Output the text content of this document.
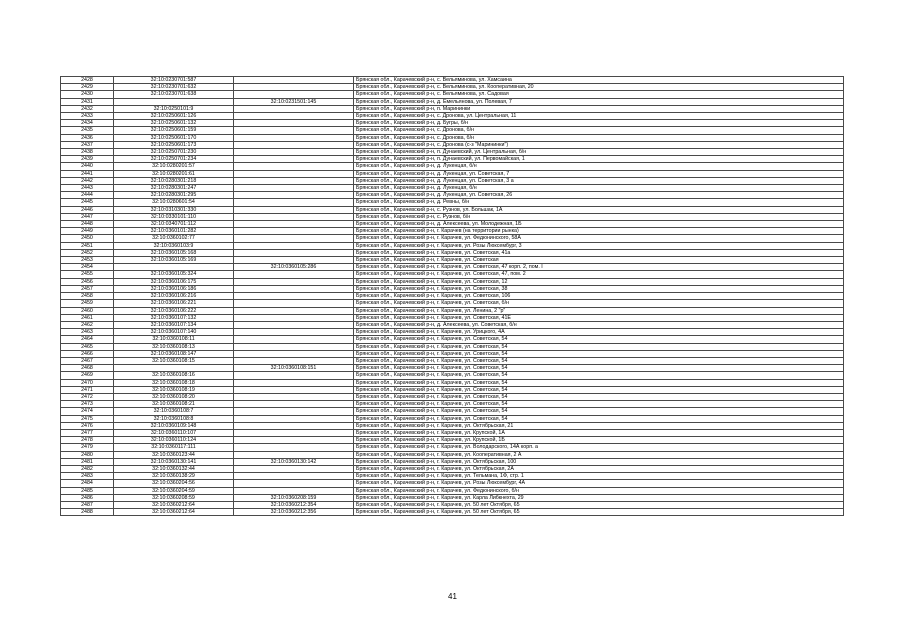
2428	32:10:0230701:587		Брянская обл., Карачевский р-н, с. Вельяминова, ул. Хамсаина
2429	32:10:0230701:632		Брянская обл., Карачевский р-н, с. Вельяминова, ул. Кооперативная, 20
2430	32:10:0230701:638		Брянская обл., Карачевский р-н, с. Вельяминова, ул. Садовая
2431		32:10:0231501:145	Брянская обл., Карачевский р-н, д. Емельянова, ул. Полевая, 7
2432	32:10:0250101:9		Брянская обл., Карачевский р-н, п. Марининки
2433	32:10:0250601:126		Брянская обл., Карачевский р-н, с. Дронова, ул. Центральная, 11
2434	32:10:0250601:132		Брянская обл., Карачевский р-н, д. Бугры, б/н
2435	32:10:0250601:159		Брянская обл., Карачевский р-н, с. Дронова, б/н
2436	32:10:0250601:170		Брянская обл., Карачевский р-н, с. Дронова, б/н
2437	32:10:0250601:173		Брянская обл., Карачевский р-н, с. Дронова (с-з "Марининки")
2438	32:10:0250701:230		Брянская обл., Карачевский р-н, п. Дунаевский, ул. Центральная, б/н
2439	32:10:0250701:234		Брянская обл., Карачевский р-н, п. Дунаевский, ул. Первомайская, 1
2440	32:10:0280201:57		Брянская обл., Карачевский р-н, д. Лукенцая, б/н
2441	32:10:0280201:61		Брянская обл., Карачевский р-н, д. Лукенцая, ул. Советская, 7
2442	32:10:0280301:218		Брянская обл., Карачевский р-н, д. Лукенцая, ул. Советская, 3 а
2443	32:10:0280301:247		Брянская обл., Карачевский р-н, д. Лукенцая, б/н
2444	32:10:0280301:295		Брянская обл., Карачевский р-н, д. Лукенцая, ул. Советская, 26
2445	32:10:0280601:54		Брянская обл., Карачевский р-н, д. Ревны, б/н
2446	32:10:0310301:330		Брянская обл., Карачевский р-н, с. Рузнов, ул. Большак, 1А
2447	32:10:0330101:110		Брянская обл., Карачевский р-н, с. Рузнов, б/н
2448	32:10:0340701:112		Брянская обл., Карачевский р-н, д. Алексеева, ул. Молодежная, 1Б
2449	32:10:0360101:282		Брянская обл., Карачевский р-н, г. Карачев (на территории рынка)
2450	32:10:0360102:77		Брянская обл., Карачевский р-н, г. Карачев, ул. Федюнинского, 58А
2451	32:10:0360103:9		Брянская обл., Карачевский р-н, г. Карачев, ул. Розы Люксембург, 3
2452	32:10:0360105:168		Брянская обл., Карачевский р-н, г. Карачев, ул. Советская, 41а
2453	32:10:0360105:169		Брянская обл., Карачевский р-н, г. Карачев, ул. Советская
2454		32:10:0360105:286	Брянская обл., Карачевский р-н, г. Карачев, ул. Советская, 47 корп. 2, пом. I
2455	32:10:0360105:324		Брянская обл., Карачевский р-н, г. Карачев, ул. Советская, 47, пом. 2
2456	32:10:0360106:175		Брянская обл., Карачевский р-н, г. Карачев, ул. Советская, 12
2457	32:10:0360106:186		Брянская обл., Карачевский р-н, г. Карачев, ул. Советская, 38
2458	32:10:0360106:216		Брянская обл., Карачевский р-н, г. Карачев, ул. Советская, 106
2459	32:10:0360106:221		Брянская обл., Карачевский р-н, г. Карачев, ул. Советская, б/н
2460	32:10:0360106:222		Брянская обл., Карачевский р-н, г. Карачев, ул. Ленина, 2 "р"
2461	32:10:0360107:132		Брянская обл., Карачевский р-н, г. Карачев, ул. Советская, 41Е
2462	32:10:0360107:134		Брянская обл., Карачевский р-н, д. Алексеева, ул. Советская, б/н
2463	32:10:0360107:140		Брянская обл., Карачевский р-н, г. Карачев, ул. Урицкого, 4А
2464	32:10:0360108:11		Брянская обл., Карачевский р-н, г. Карачев, ул. Советская, 54
2465	32:10:0360108:13		Брянская обл., Карачевский р-н, г. Карачев, ул. Советская, 54
2466	32:10:0360108:147		Брянская обл., Карачевский р-н, г. Карачев, ул. Советская, 54
2467	32:10:0360108:15		Брянская обл., Карачевский р-н, г. Карачев, ул. Советская, 54
2468		32:10:0360108:151	Брянская обл., Карачевский р-н, г. Карачев, ул. Советская, 54
2469	32:10:0360108:16		Брянская обл., Карачевский р-н, г. Карачев, ул. Советская, 54
2470	32:10:0360108:18		Брянская обл., Карачевский р-н, г. Карачев, ул. Советская, 54
2471	32:10:0360108:19		Брянская обл., Карачевский р-н, г. Карачев, ул. Советская, 54
2472	32:10:0360108:20		Брянская обл., Карачевский р-н, г. Карачев, ул. Советская, 54
2473	32:10:0360108:21		Брянская обл., Карачевский р-н, г. Карачев, ул. Советская, 54
2474	32:10:0360108:7		Брянская обл., Карачевский р-н, г. Карачев, ул. Советская, 54
2475	32:10:0360108:8		Брянская обл., Карачевский р-н, г. Карачев, ул. Советская, 54
2476	32:10:0360109:148		Брянская обл., Карачевский р-н, г. Карачев, ул. Октябрьская, 21
2477	32:10:0360110:107		Брянская обл., Карачевский р-н, г. Карачев, ул. Крупской, 1А
2478	32:10:0360110:124		Брянская обл., Карачевский р-н, г. Карачев, ул. Крупской, 1Б
2479	32:10:0360117:111		Брянская обл., Карачевский р-н, г. Карачев, ул. Володарского, 14А корп. а
2480	32:10:0360123:44		Брянская обл., Карачевский р-н, г. Карачев, ул. Кооперативная, 2 А
2481	32:10:0360130:141	32:10:0360130:142	Брянская обл., Карачевский р-н, г. Карачев, ул. Октябрьская, 100
2482	32:10:0360132:44		Брянская обл., Карачевский р-н, г. Карачев, ул. Октябрьская, 2А
2483	32:10:0360138:29		Брянская обл., Карачевский р-н, г. Карачев, ул. Тельмана, 1Ф, стр. 1
2484	32:10:0360204:56		Брянская обл., Карачевский р-н, г. Карачев, ул. Розы Люксембург, 4А
2485	32:10:0360204:59		Брянская обл., Карачевский р-н, г. Карачев, ул. Федюнинского, б/н
2486	32:10:0360208:59	32:10:0360208:159	Брянская обл., Карачевский р-н, г. Карачев, ул. Карла Либкнехта, 29
2487	32:10:0360212:64	32:10:0360212:354	Брянская обл., Карачевский р-н, г. Карачев, ул. 50 лет Октября, 65
2488	32:10:0360212:64	32:10:0360212:356	Брянская обл., Карачевский р-н, г. Карачев, ул. 50 лет Октября, 65
41
